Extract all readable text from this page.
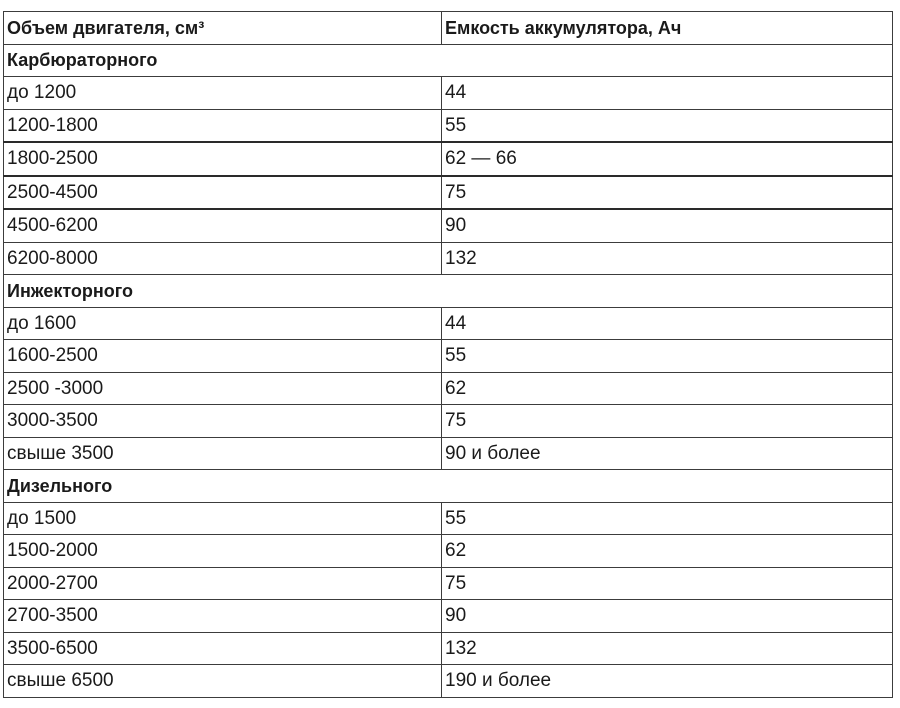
Объем двигателя, см³	Емкость аккумулятора, Ач
Карбюраторного	
до 1200	44
1200-1800	55
1800-2500	62 — 66
2500-4500	75
4500-6200	90
6200-8000	132
Инжекторного	
до 1600	44
1600-2500	55
2500 -3000	62
3000-3500	75
свыше 3500	90 и более
Дизельного	
до 1500	55
1500-2000	62
2000-2700	75
2700-3500	90
3500-6500	132
свыше 6500	190 и более
